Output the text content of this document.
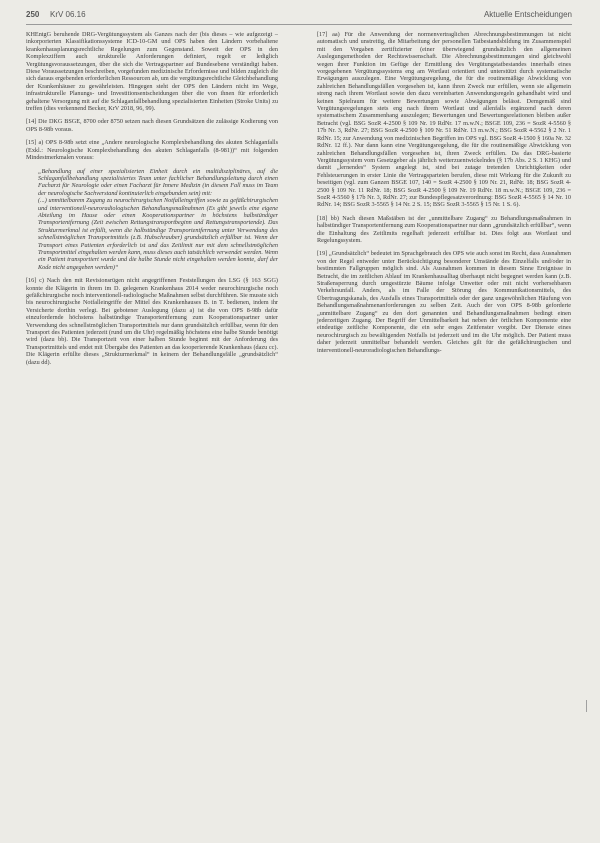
250 KrV 06.16	Aktuelle Entscheidungen

KHEntgG beruhende DRG-Vergütungssystem als Ganzes nach der (bis dieses – wie aufgezeigt – inkorporierten Klassifikationssysteme ICD-10-GM und OPS haben den Ländern vorbehaltene krankenhausplanungsrechtliche Regelungen zum Gegenstand. Soweit der OPS in den Komplexziffern auch strukturelle Anforderungen definiert, regelt er lediglich Vergütungsvoraussetzungen, über die sich die Vertragspartner auf Bundesebene verständigt haben. Diese Voraussetzungen beschreiben, vorgefunden medizinische Erfordernisse und bilden zugleich die sich daraus ergebenden erforderlichen Ressourcen ab, um die vergütungsrechtliche Gleichbehandlung der Krankenhäuser zu gewährleisten. Hingegen steht der OPS den Ländern nicht im Wege, infrastrukturelle Planungs- und Investitionsentscheidungen über die von ihnen für erforderlich gehaltene Versorgung mit auf die Schlaganfallbehandlung spezialisierten Einheiten (Stroke Units) zu treffen (dies verkennend Becker, KrV 2018, 96, 99).

[14] Die DKG BSGE, 8700 oder 8750 setzen nach diesen Grundsätzen die zulässige Kodierung von OPS 8-98b voraus.

[15] a) OPS 8-98b setzt eine „Andere neurologische Komplexbehandlung des akuten Schlaganfalls (Exkl.: Neurologische Komplexbehandlung des akuten Schlaganfalls (8-981))“ mit folgenden Mindestmerkmalen voraus:

„Behandlung auf einer spezialisierten Einheit durch ein multidisziplinäres, auf die Schlaganfallbehandlung spezialisiertes Team unter fachlicher Behandlungsleitung durch einen Facharzt für Neurologie oder einen Facharzt für Innere Medizin (in diesem Fall muss im Team der neurologische Sachverstand kontinuierlich eingebunden sein) mit:

(...) unmittelbarem Zugang zu neurochirurgischen Notfalleingriffen sowie zu gefäßchirurgischen und interventionell-neuroradiologischen Behandlungsmaßnahmen (Es gibt jeweils eine eigene Abteilung im Hause oder einen Kooperationspartner in höchstens halbstündiger Transportentfernung (Zeit zwischen Rettungstransportbeginn und Rettungstransportende). Das Strukturmerkmal ist erfüllt, wenn die halbstündige Transportentfernung unter Verwendung des schnellstmöglichen Transportmittels (z.B. Hubschrauber) grundsätzlich erfüllbar ist. Wenn der Transport eines Patienten erforderlich ist und das Zeitlimit nur mit dem schnellstmöglichen Transportmittel eingehalten werden kann, muss dieses auch tatsächlich verwendet werden. Wenn ein Patient transportiert wurde und die halbe Stunde nicht eingehalten werden konnte, darf der Kode nicht angegeben werden)“

[16] c) Nach den mit Revisionsrügen nicht angegriffenen Feststellungen des LSG (§ 163 SGG) konnte die Klägerin in ihrem im D. gelegenen Krankenhaus 2014 weder neurochirurgische noch gefäßchirurgische noch interventionell-radiologische Maßnahmen selbst durchführen. Sie musste sich bis neurochirurgische Notfalleingriffe der Mittel des Krankenhauses B. in T. bedienen, indem ihr Versicherte dorthin verlegt. Bei gebotener Auslegung (dazu a) ist die von OPS 8-98b dafür einzufordernde höchstens halbstündige Transportentfernung zum Kooperationspartner unter Verwendung des schnellstmöglichen Transportmittels nur dann grundsätzlich erfüllbar, wenn für den Transport des Patienten jederzeit (rund um die Uhr) regelmäßig höchstens eine halbe Stunde benötigt wird (dazu bb). Die Transportzeit von einer halben Stunde beginnt mit der Anforderung des Transportmittels und endet mit Übergabe des Patienten an das kooperierende Krankenhaus (dazu cc). Die Klägerin erfüllte dieses „Strukturmerkmal“ in keinem der Behandlungsfälle „grundsätzlich“ (dazu dd).

[17] aa) Für die Anwendung der normenvertraglichen Abrechnungsbestimmungen ist nicht automatisch und unstreitig, die Mitarbeitung der personellen Tatbestandsbildung im Zusammenspiel mit den Vorgaben zertifizierter (einer überwiegend grundsätzlich den allgemeinen Auslegungsmethoden der Rechtswissenschaft. Die Abrechnungsbestimmungen sind gleichwohl wegen ihrer Funktion im Gefüge der Ermittlung des Vergütungstatbestandes innerhalb eines vorgegebenen Vergütungssystems eng am Wortlaut orientiert und unterstützt durch systematische Erwägungen auszulegen. Eine Vergütungsregelung, die für die routinemäßige Abwicklung von zahlreichen Behandlungsfällen vorgesehen ist, kann ihren Zweck nur erfüllen, wenn sie allgemein streng nach ihrem Wortlaut sowie den dazu vereinbarten Anwendungsregeln gehandhabt wird und keinen Spielraum für weitere Bewertungen sowie Abwägungen belässt. Demgemäß sind Vergütungsregelungen stets eng nach ihrem Wortlaut und allenfalls ergänzend nach deren systematischem Zusammenhang auszulegen; Bewertungen und Bewertungsrelationen bleiben außer Betracht (vgl. BSG SozR 4-2500 § 109 Nr. 19 RdNr. 17 m.w.N.; BSGE 109, 236 = SozR 4-5560 § 17b Nr. 3, RdNr. 27; BSG SozR 4-2500 § 109 Nr. 51 RdNr. 13 m.w.N.; BSG SozR 4-5562 § 2 Nr. 1 RdNr. 15; zur Anwendung von medizinischen Begriffen im OPS vgl. BSG SozR 4-1500 § 160a Nr. 32 RdNr. 12 ff.). Nur dann kann eine Vergütungsregelung, die für die routinemäßige Abwicklung von zahlreichen Behandlungsfällen vorgesehen ist, ihren Zweck erfüllen. Da das DRG-basierte Vergütungssystem vom Gesetzgeber als jährlich weiterzuentwickelndes (§ 17b Abs. 2 S. 1 KHG) und damit „lernendes“ System angelegt ist, sind bei zutage tretenden Unrichtigkeiten oder Fehlsteuerungen in erster Linie die Vertragsparteien berufen, diese mit Wirkung für die Zukunft zu beseitigen (vgl. zum Ganzen BSGE 107, 140 = SozR 4-2500 § 109 Nr. 21, RdNr. 18; BSG SozR 4-2500 § 109 Nr. 11 RdNr. 18; BSG SozR 4-2500 § 109 Nr. 19 RdNr. 18 m.w.N.; BSGE 109, 236 = SozR 4-5560 § 17b Nr. 3, RdNr. 27; zur Bundespflegesatzverordnung: BSG SozR 4-5565 § 14 Nr. 10 RdNr. 14; BSG SozR 3-5565 § 14 Nr. 2 S. 15; BSG SozR 3-5565 § 15 Nr. 1 S. 6).

[18] bb) Nach diesen Maßstäben ist der „unmittelbare Zugang“ zu Behandlungsmaßnahmen in halbstündiger Transportentfernung zum Kooperationspartner nur dann „grundsätzlich erfüllbar“, wenn die Einhaltung des Zeitlimits regelhaft jederzeit erfüllbar ist. Dies folgt aus Wortlaut und Regelungssystem.

[19] „Grundsätzlich“ bedeutet im Sprachgebrauch des OPS wie auch sonst im Recht, dass Ausnahmen von der Regel entweder unter Berücksichtigung besonderer Umstände des Einzelfalls und/oder in bestimmten Fallgruppen möglich sind. Als Ausnahmen kommen in diesem Sinne Ereignisse in Betracht, die im zeitlichen Ablauf im Krankenhausalltag überhaupt nicht begegnet werden kann (z.B. Straßensperrung durch umgestürzte Bäume infolge Unwetter oder mit nicht vorhersehbaren Verkehrsunfall. Anders, als im Falle der Störung des Kommunikationsmittels, des Übertragungskanals, des Ausfalls eines Transportmittels oder der ganz ungewöhnlichen Häufung von Behandlungsmaßnahmenanforderungen zu selben Zeit. Auch der von OPS 8-98b geforderte „unmittelbare Zugang“ zu den dort genannten und Behandlungsmaßnahmen bedingt einen jederzeitigen Zugang. Der Begriff der Unmittelbarkeit hat neben der örtlichen Komponente eine eindeutige zeitliche Komponente, die ein sehr enges Zeitfenster vorgibt. Der Dienste eines neurochirurgisch zu bewältigenden Notfalls ist jederzeit und im die Uhr möglich. Der Patient muss daher jederzeit unmittelbar behandelt werden. Gleiches gilt für die gefäßchirurgischen und interventionell-neuroradiologischen Behandlungs-
